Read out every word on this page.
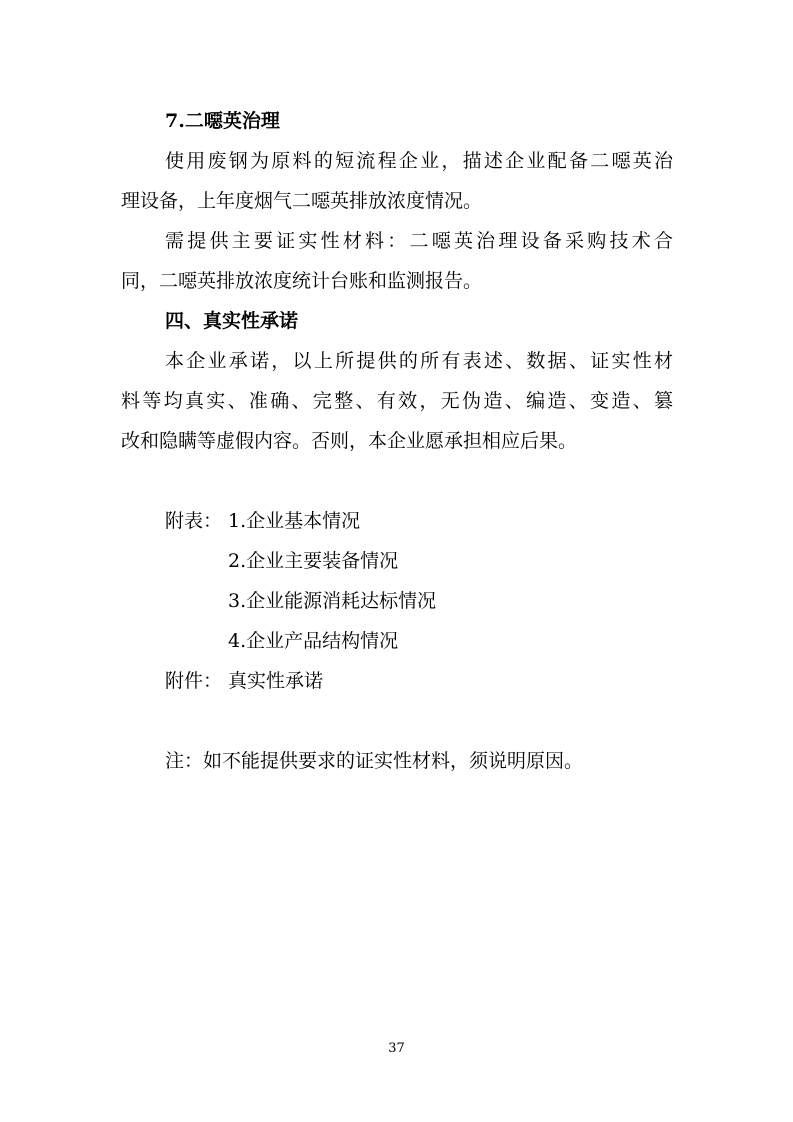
7.二噁英治理
使用废钢为原料的短流程企业，描述企业配备二噁英治
理设备，上年度烟气二噁英排放浓度情况。
需提供主要证实性材料：二噁英治理设备采购技术合
同，二噁英排放浓度统计台账和监测报告。
四、真实性承诺
本企业承诺，以上所提供的所有表述、数据、证实性材
料等均真实、准确、完整、有效，无伪造、编造、变造、篡
改和隐瞒等虚假内容。否则，本企业愿承担相应后果。
附表： 1.企业基本情况
2.企业主要装备情况
3.企业能源消耗达标情况
4.企业产品结构情况
附件： 真实性承诺
注：如不能提供要求的证实性材料，须说明原因。
37
